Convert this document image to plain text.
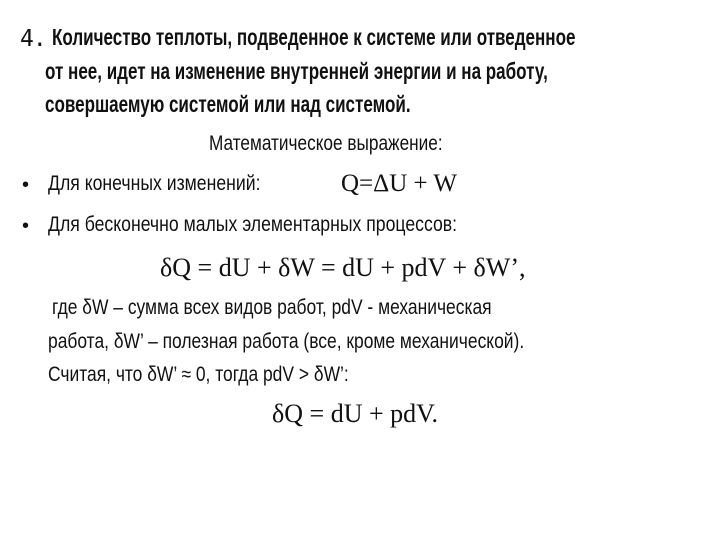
4. Количество теплоты, подведенное к системе или отведенное
от нее, идет на изменение внутренней энергии и на работу,
совершаемую системой или над системой.
Математическое выражение:
• Для конечных изменений:	Q=ΔU + W
• Для бесконечно малых элементарных процессов:
δQ = dU + δW = dU + pdV + δW’,
где δW – сумма всех видов работ, pdV - механическая
работа, δW’ – полезная работа (все, кроме механической).
Считая, что δW’ ≈ 0, тогда pdV > δW’:
δQ = dU + pdV.
